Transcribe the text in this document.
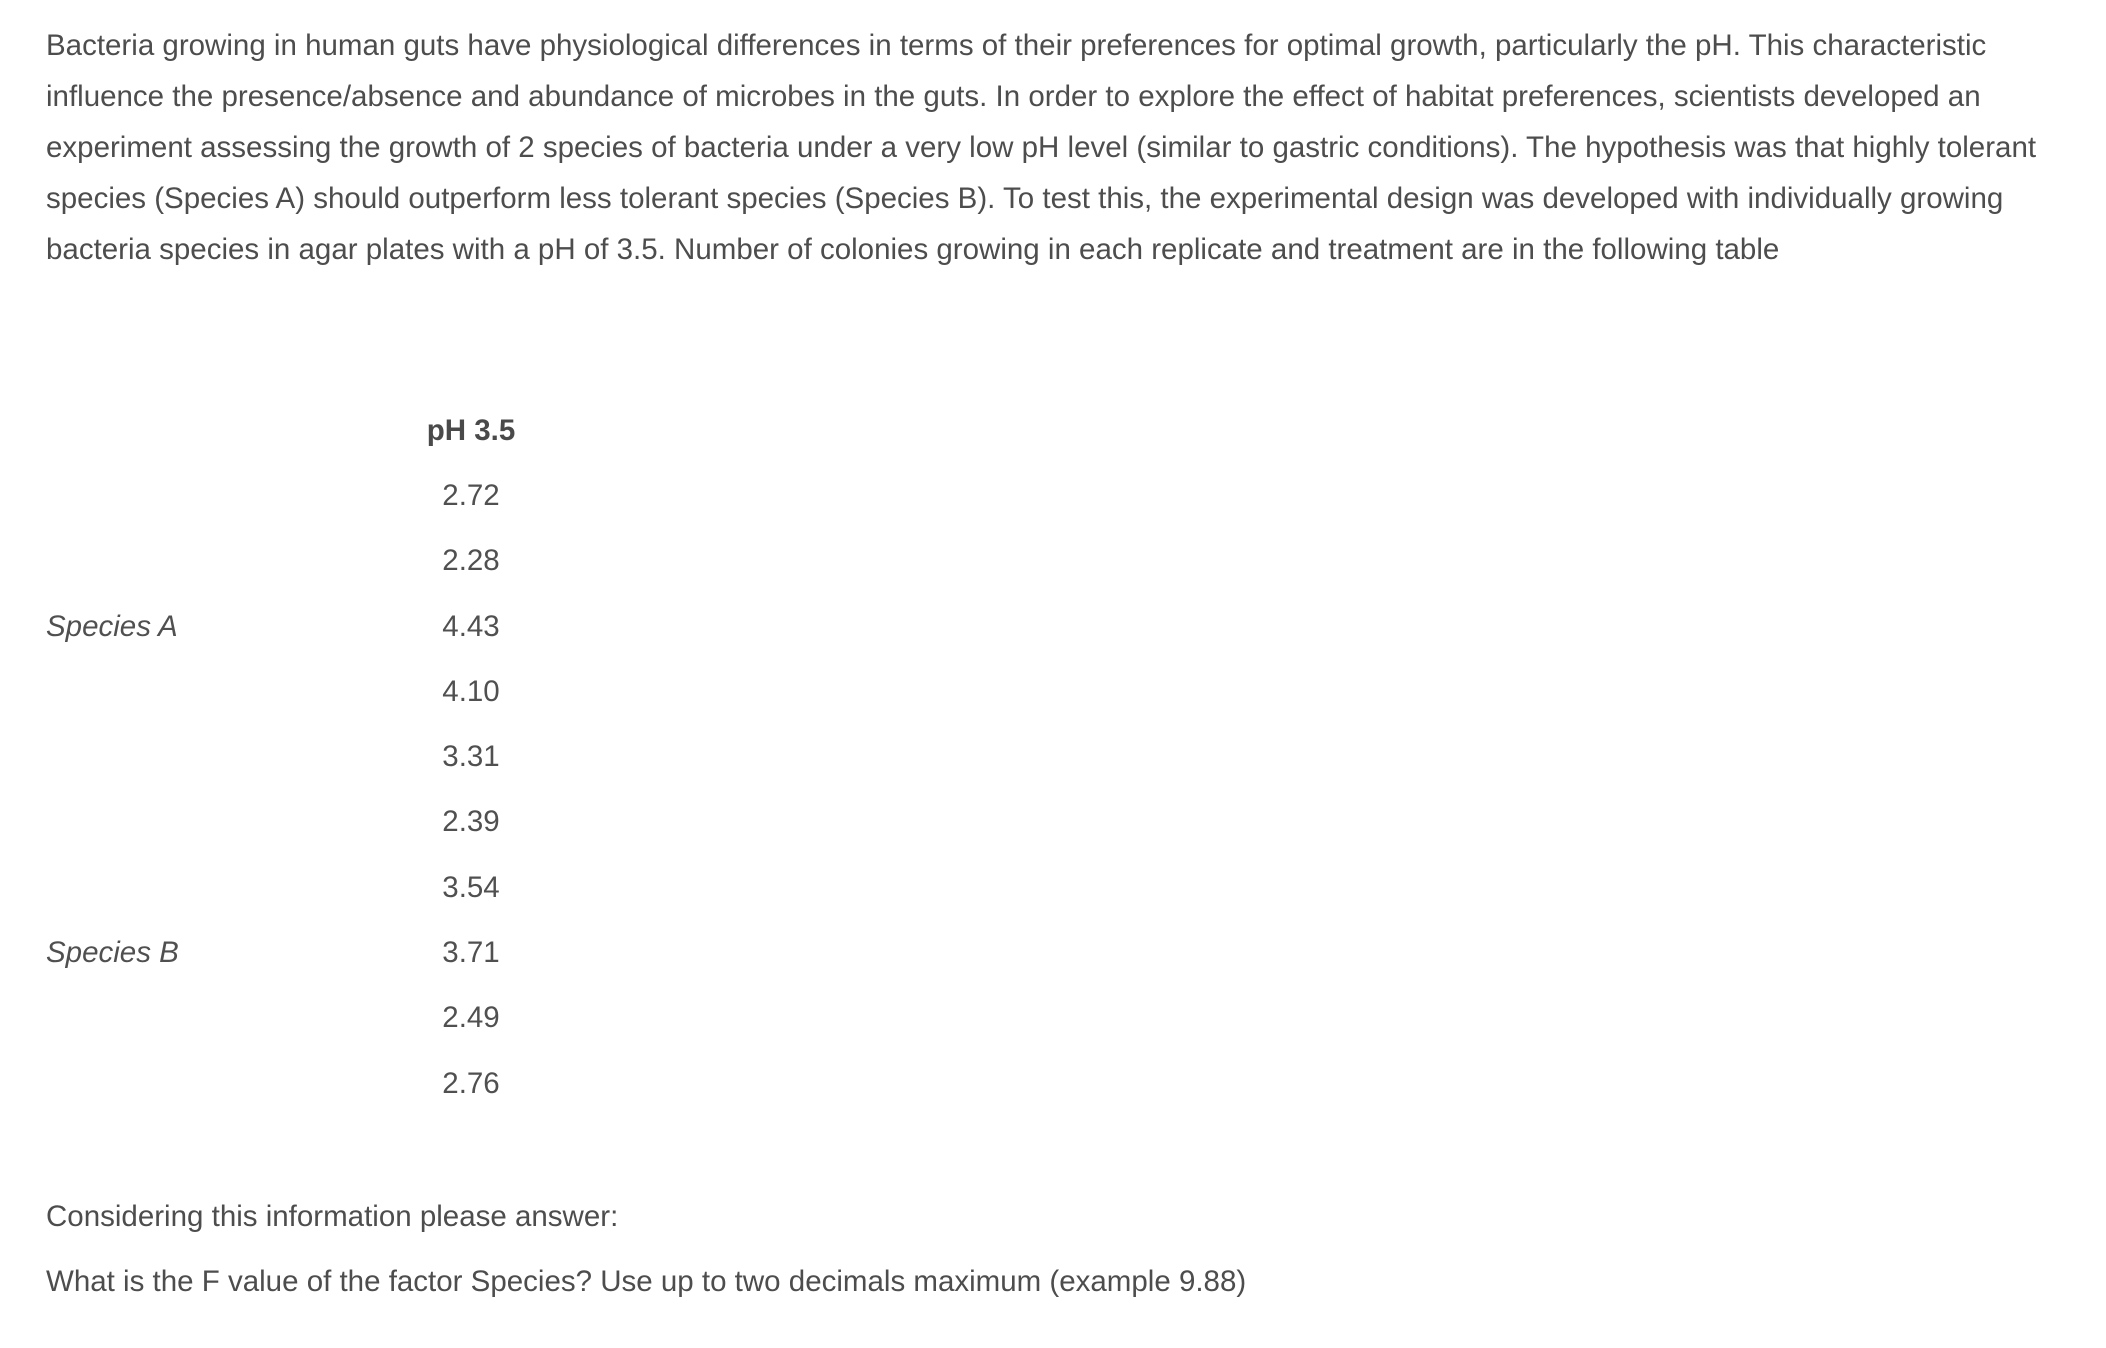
Bacteria growing in human guts have physiological differences in terms of their preferences for optimal growth, particularly the pH. This characteristic influence the presence/absence and abundance of microbes in the guts. In order to explore the effect of habitat preferences, scientists developed an experiment assessing the growth of 2 species of bacteria under a very low pH level (similar to gastric conditions). The hypothesis was that highly tolerant species (Species A) should outperform less tolerant species (Species B). To test this, the experimental design was developed with individually growing bacteria species in agar plates with a pH of 3.5. Number of colonies growing in each replicate and treatment are in the following table

	pH 3.5
	2.72
	2.28
Species A	4.43
	4.10
	3.31
	2.39
	3.54
Species B	3.71
	2.49
	2.76

Considering this information please answer:

What is the F value of the factor Species? Use up to two decimals maximum (example 9.88)
